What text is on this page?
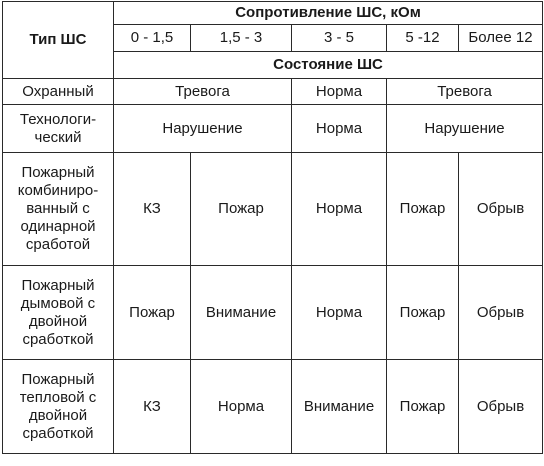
Тип ШС	Сопротивление ШС, кОм				
	0 - 1,5	1,5 - 3	3 - 5	5 -12	Более 12
	Состояние ШС				
Охранный	Тревога		Норма	Тревога	

Технологи-
ческий	Нарушение		Норма	Нарушение	

Пожарный
комбиниро-
ванный с
одинарной
сработой	КЗ	Пожар	Норма	Пожар	Обрыв

Пожарный
дымовой с
двойной
сработкой	Пожар	Внимание	Норма	Пожар	Обрыв

Пожарный
тепловой с
двойной
сработкой	КЗ	Норма	Внимание	Пожар	Обрыв
